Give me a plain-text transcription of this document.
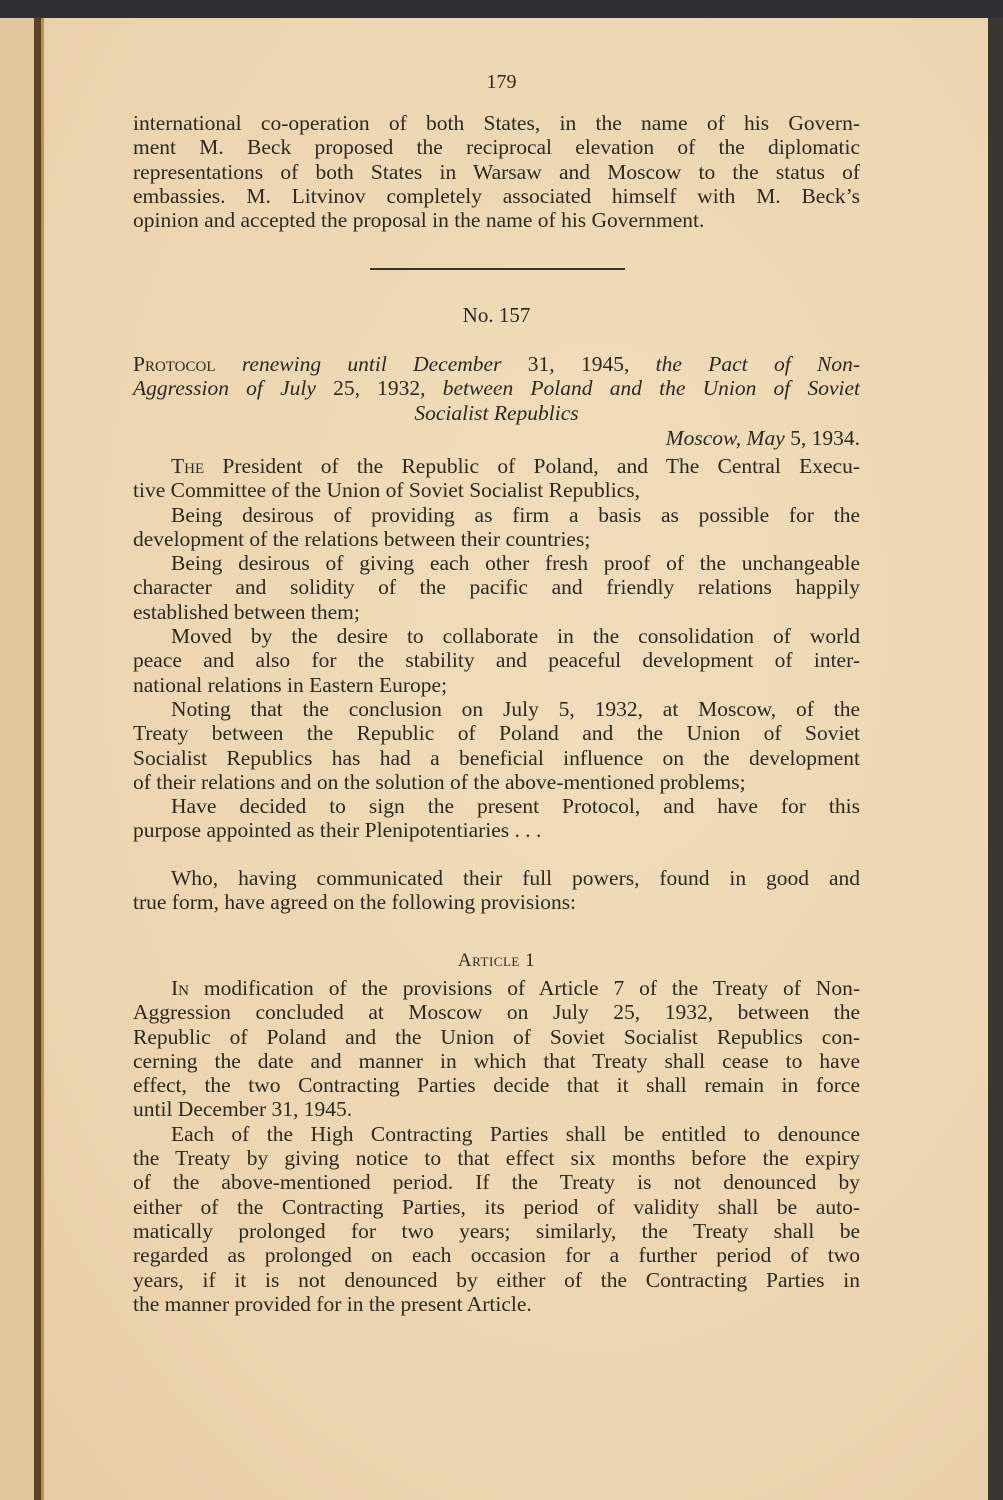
179
international co-operation of both States, in the name of his Govern-
ment M. Beck proposed the reciprocal elevation of the diplomatic
representations of both States in Warsaw and Moscow to the status of
embassies. M. Litvinov completely associated himself with M. Beck’s
opinion and accepted the proposal in the name of his Government.
No. 157
Protocol renewing until December 31, 1945, the Pact of Non-
Aggression of July 25, 1932, between Poland and the Union of Soviet
Socialist Republics
Moscow, May 5, 1934.
The President of the Republic of Poland, and The Central Execu-
tive Committee of the Union of Soviet Socialist Republics,
Being desirous of providing as firm a basis as possible for the
development of the relations between their countries;
Being desirous of giving each other fresh proof of the unchangeable
character and solidity of the pacific and friendly relations happily
established between them;
Moved by the desire to collaborate in the consolidation of world
peace and also for the stability and peaceful development of inter-
national relations in Eastern Europe;
Noting that the conclusion on July 5, 1932, at Moscow, of the
Treaty between the Republic of Poland and the Union of Soviet
Socialist Republics has had a beneficial influence on the development
of their relations and on the solution of the above-mentioned problems;
Have decided to sign the present Protocol, and have for this
purpose appointed as their Plenipotentiaries . . .
Who, having communicated their full powers, found in good and
true form, have agreed on the following provisions:
Article 1
In modification of the provisions of Article 7 of the Treaty of Non-
Aggression concluded at Moscow on July 25, 1932, between the
Republic of Poland and the Union of Soviet Socialist Republics con-
cerning the date and manner in which that Treaty shall cease to have
effect, the two Contracting Parties decide that it shall remain in force
until December 31, 1945.
Each of the High Contracting Parties shall be entitled to denounce
the Treaty by giving notice to that effect six months before the expiry
of the above-mentioned period. If the Treaty is not denounced by
either of the Contracting Parties, its period of validity shall be auto-
matically prolonged for two years; similarly, the Treaty shall be
regarded as prolonged on each occasion for a further period of two
years, if it is not denounced by either of the Contracting Parties in
the manner provided for in the present Article.
